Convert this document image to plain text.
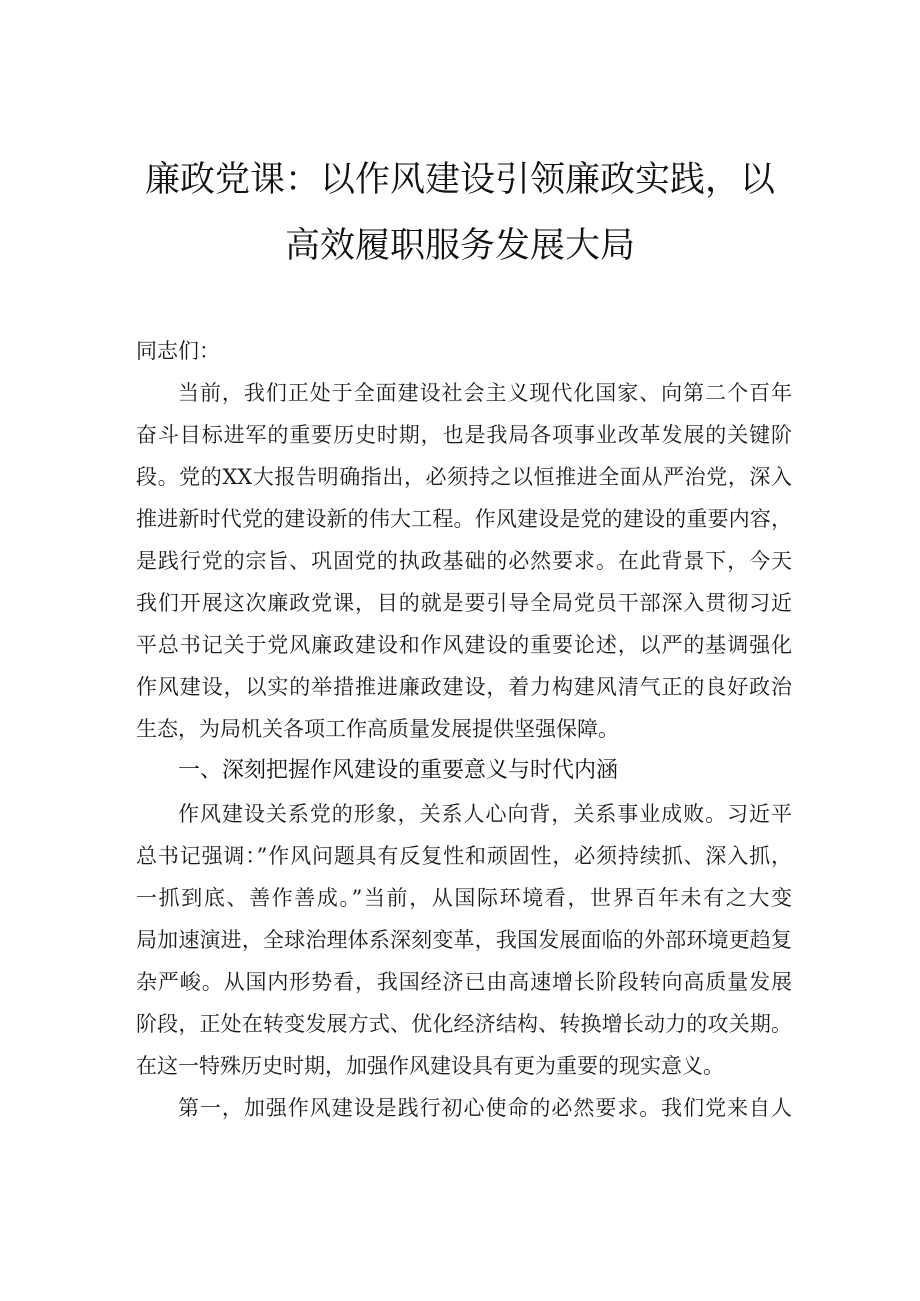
廉政党课：以作风建设引领廉政实践，以
高效履职服务发展大局
同志们：
当前，我们正处于全面建设社会主义现代化国家、向第二个百年
奋斗目标进军的重要历史时期，也是我局各项事业改革发展的关键阶
段。党的XX大报告明确指出，必须持之以恒推进全面从严治党，深入
推进新时代党的建设新的伟大工程。作风建设是党的建设的重要内容，
是践行党的宗旨、巩固党的执政基础的必然要求。在此背景下，今天
我们开展这次廉政党课，目的就是要引导全局党员干部深入贯彻习近
平总书记关于党风廉政建设和作风建设的重要论述，以严的基调强化
作风建设，以实的举措推进廉政建设，着力构建风清气正的良好政治
生态，为局机关各项工作高质量发展提供坚强保障。
一、深刻把握作风建设的重要意义与时代内涵
作风建设关系党的形象，关系人心向背，关系事业成败。习近平
总书记强调：”作风问题具有反复性和顽固性，必须持续抓、深入抓，
一抓到底、善作善成。”当前，从国际环境看，世界百年未有之大变
局加速演进，全球治理体系深刻变革，我国发展面临的外部环境更趋复
杂严峻。从国内形势看，我国经济已由高速增长阶段转向高质量发展
阶段，正处在转变发展方式、优化经济结构、转换增长动力的攻关期。
在这一特殊历史时期，加强作风建设具有更为重要的现实意义。
第一，加强作风建设是践行初心使命的必然要求。我们党来自人
